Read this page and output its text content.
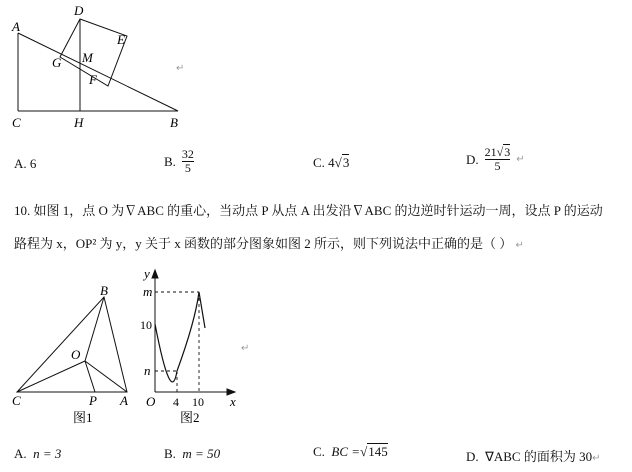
A
D
E
G M
F
C	H	B
↵
A. 6	B. $\frac{32}{5}$	C. 4√3	D. $\frac{21√3}{5}$ ↵
10. 如图 1，点 O 为∇ABC 的重心，当动点 P 从点 A 出发沿∇ABC 的边逆时针运动一周，设点 P 的运动
路程为 x，OP² 为 y，y 关于 x 函数的部分图象如图 2 所示，则下列说法中正确的是（ ） ↵
B
O
C	P A
图1
y
m
10
n
O 4 10 x
图2
↵
A. n = 3	B. m = 50	C. BC =√145	D. ∇ABC 的面积为 30↵
